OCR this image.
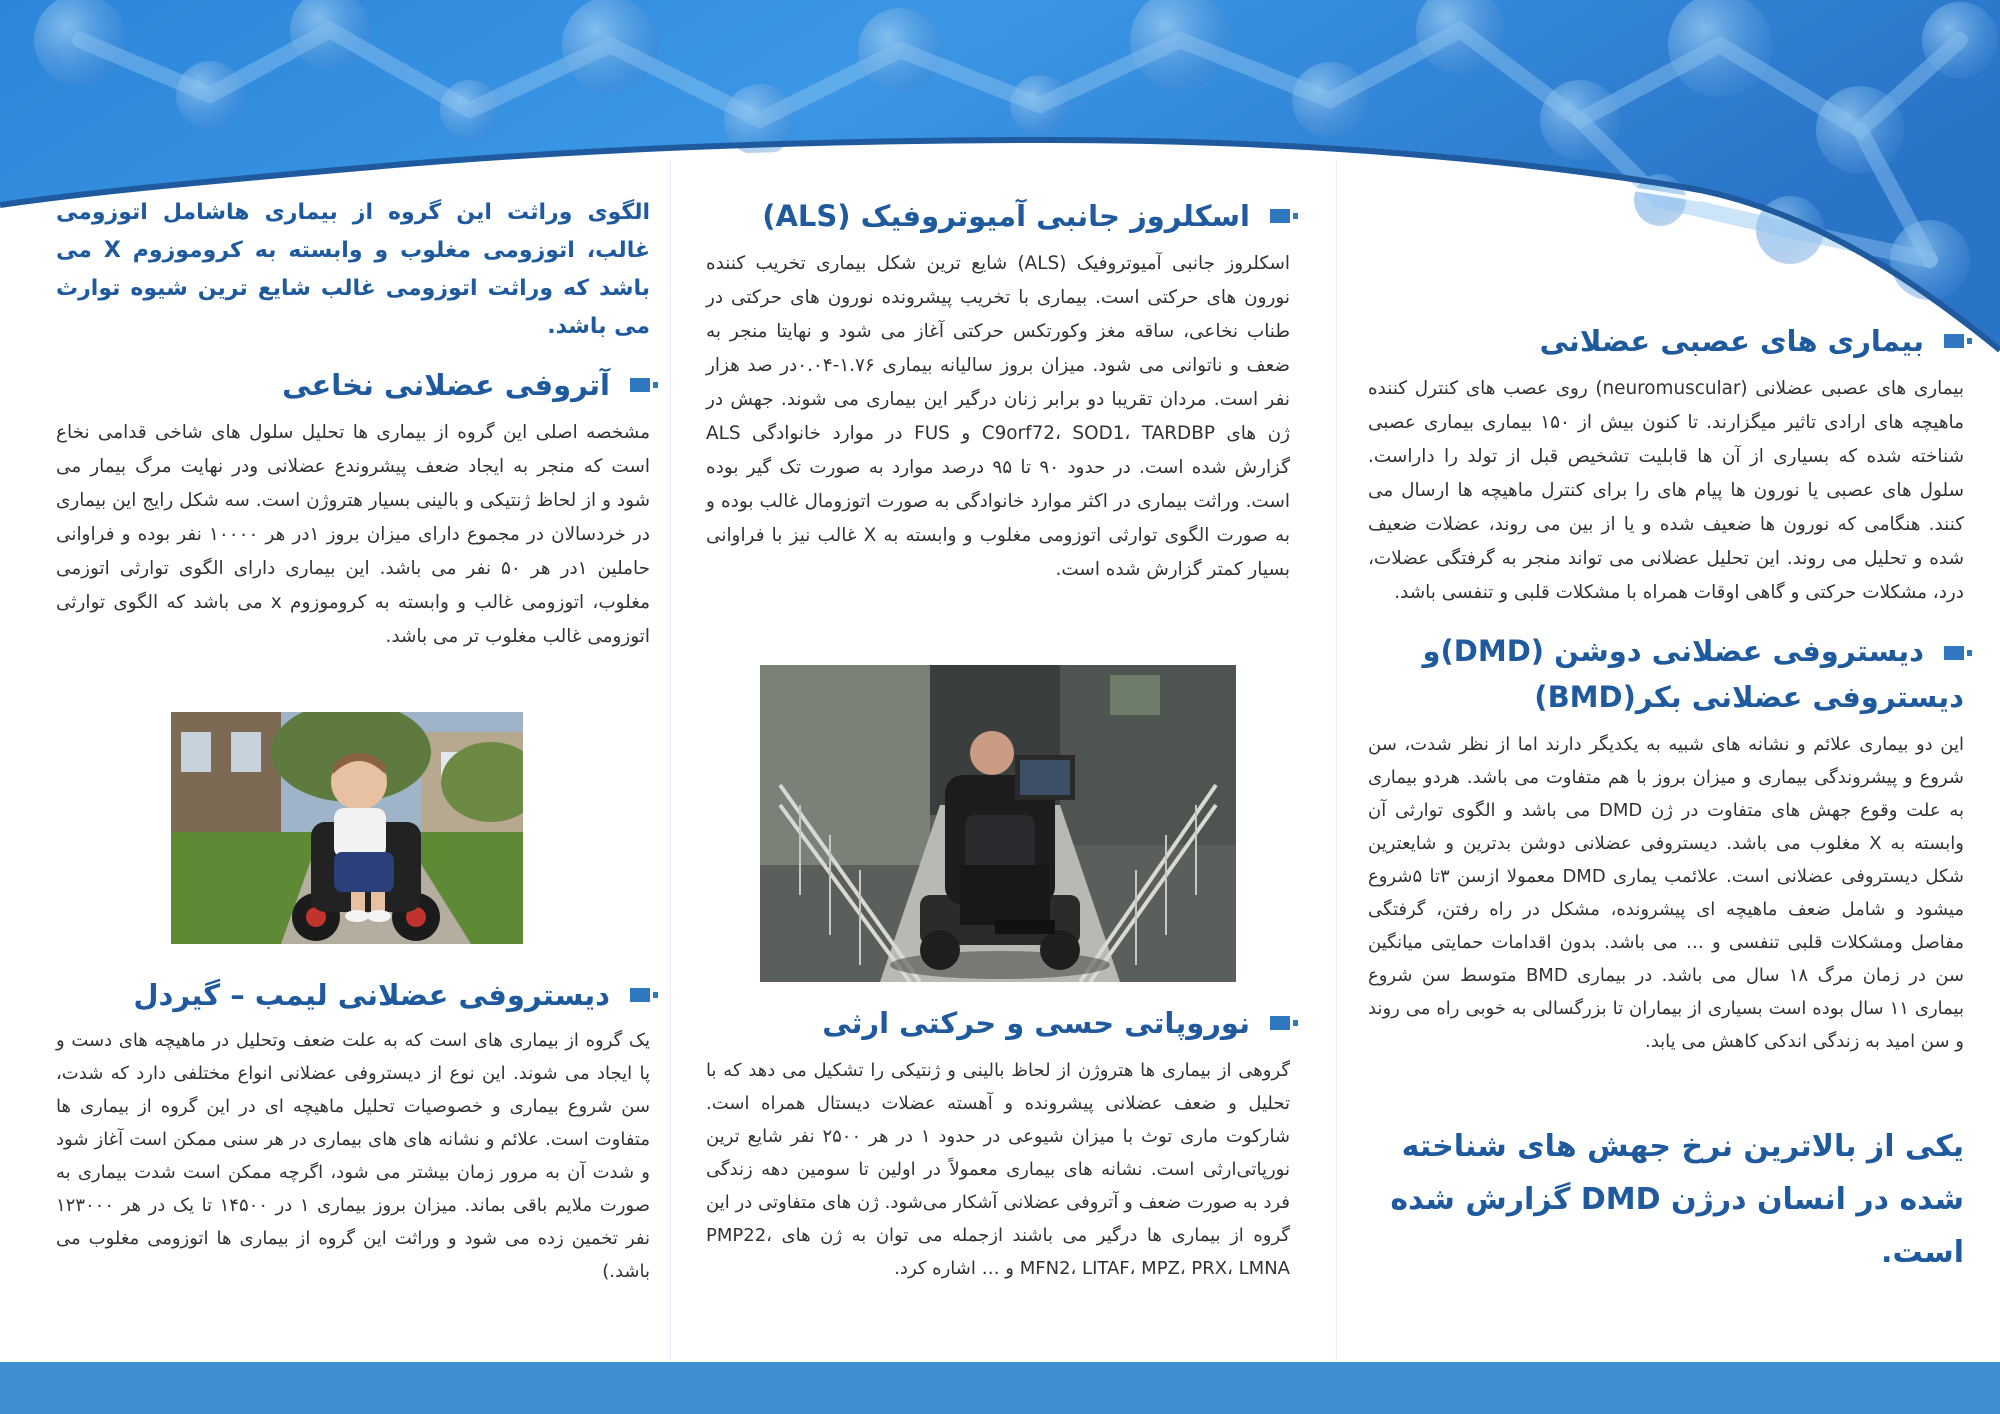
بیماری های عصبی عضلانی

بیماری های عصبی عضلانی (neuromuscular) روی عصب های کنترل کننده ماهیچه های ارادی تاثیر میگزارند. تا کنون بیش از ۱۵۰ بیماری بیماری عصبی شناخته شده که بسیاری از آن ها قابلیت تشخیص قبل از تولد را داراست. سلول های عصبی یا نورون ها پیام های را برای کنترل ماهیچه ها ارسال می کنند. هنگامی که نورون ها ضعیف شده و یا از بین می روند، عضلات ضعیف شده و تحلیل می روند. این تحلیل عضلانی می تواند منجر به گرفتگی عضلات، درد، مشکلات حرکتی و گاهی اوقات همراه با مشکلات قلبی و تنفسی باشد.

دیستروفی عضلانی دوشن (DMD)و دیستروفی عضلانی بکر(BMD)

این دو بیماری علائم و نشانه های شبیه به یکدیگر دارند اما از نظر شدت، سن شروع و پیشروندگی بیماری و میزان بروز با هم متفاوت می باشد. هردو بیماری به علت وقوع جهش های متفاوت در ژن DMD می باشد و الگوی توارثی آن وابسته به X مغلوب می باشد. دیستروفی عضلانی دوشن بدترین و شایعترین شکل دیستروفی عضلانی است. علائمب یماری DMD معمولا ازسن ۳تا ۵شروع میشود و شامل ضعف ماهیچه ای پیشرونده، مشکل در راه رفتن، گرفتگی مفاصل ومشکلات قلبی تنفسی و … می باشد. بدون اقدامات حمایتی میانگین سن در زمان مرگ ۱۸ سال می باشد. در بیماری BMD متوسط سن شروع بیماری ۱۱ سال بوده است بسیاری از بیماران تا بزرگسالی به خوبی راه می روند و سن امید به زندگی اندکی کاهش می یابد.

یکی از بالاترین نرخ جهش های شناخته شده در انسان درژن DMD گزارش شده است.
اسکلروز جانبی آمیوتروفیک (ALS)

اسکلروز جانبی آمیوتروفیک (ALS) شایع ترین شکل بیماری تخریب کننده نورون های حرکتی است. بیماری با تخریب پیشرونده نورون های حرکتی در طناب نخاعی، ساقه مغز وکورتکس حرکتی آغاز می شود و نهایتا منجر به ضعف و ناتوانی می شود. میزان بروز سالیانه بیماری ۱.۷۶-۰.۰۴در صد هزار نفر است. مردان تقریبا دو برابر زنان درگیر این بیماری می شوند. جهش در ژن های C9orf72، SOD1، TARDBP و FUS در موارد خانوادگی ALS گزارش شده است. در حدود ۹۰ تا ۹۵ درصد موارد به صورت تک گیر بوده است. وراثت بیماری در اکثر موارد خانوادگی به صورت اتوزومال غالب بوده و به صورت الگوی توارثی اتوزومی مغلوب و وابسته به X غالب نیز با فراوانی بسیار کمتر گزارش شده است.

نوروپاتی حسی و حرکتی ارثی

گروهی از بیماری ها هتروژن از لحاظ بالینی و ژنتیکی را تشکیل می دهد که با تحلیل و ضعف عضلانی پیشرونده و آهسته عضلات دیستال همراه است. شارکوت ماری توث با میزان شیوعی در حدود ۱ در هر ۲۵۰۰ نفر شایع ترین نورپاتی‌ارثی است. نشانه های بیماری معمولاً در اولین تا سومین دهه زندگی فرد به صورت ضعف و آتروفی عضلانی آشکار می‌شود. ژن های متفاوتی در این گروه از بیماری ها درگیر می باشند ازجمله می توان به ژن های PMP22، MFN2، LITAF، MPZ، PRX، LMNA و … اشاره کرد.

الگوی وراثت این گروه از بیماری هاشامل اتوزومی غالب، اتوزومی مغلوب و وابسته به کروموزوم X می باشد که وراثت اتوزومی غالب شایع ترین شیوه توارث می باشد.
آتروفی عضلانی نخاعی

مشخصه اصلی این گروه از بیماری ها تحلیل سلول های شاخی قدامی نخاع است که منجر به ایجاد ضعف پیشروندع عضلانی ودر نهایت مرگ بیمار می شود و از لحاظ ژنتیکی و بالینی بسیار هتروژن است. سه شکل رایج این بیماری در خردسالان در مجموع دارای میزان بروز ۱در هر ۱۰۰۰۰ نفر بوده و فراوانی حاملین ۱در هر ۵۰ نفر می باشد. این بیماری دارای الگوی توارثی اتوزمی مغلوب، اتوزومی غالب و وابسته به کروموزوم x می باشد که الگوی توارثی اتوزومی غالب مغلوب تر می باشد.

دیستروفی عضلانی لیمب – گیردل

یک گروه از بیماری های است که به علت ضعف وتحلیل در ماهیچه های دست و پا ایجاد می شوند. این نوع از دیستروفی عضلانی انواع مختلفی دارد که شدت، سن شروع بیماری و خصوصیات تحلیل ماهیچه ای در این گروه از بیماری ها متفاوت است. علائم و نشانه های های بیماری در هر سنی ممکن است آغاز شود و شدت آن به مرور زمان بیشتر می شود، اگرچه ممکن است شدت بیماری به صورت ملایم باقی بماند. میزان بروز بیماری ۱ در ۱۴۵۰۰ تا یک در هر ۱۲۳۰۰۰ نفر تخمین زده می شود و وراثت این گروه از بیماری ها اتوزومی مغلوب می باشد.)
